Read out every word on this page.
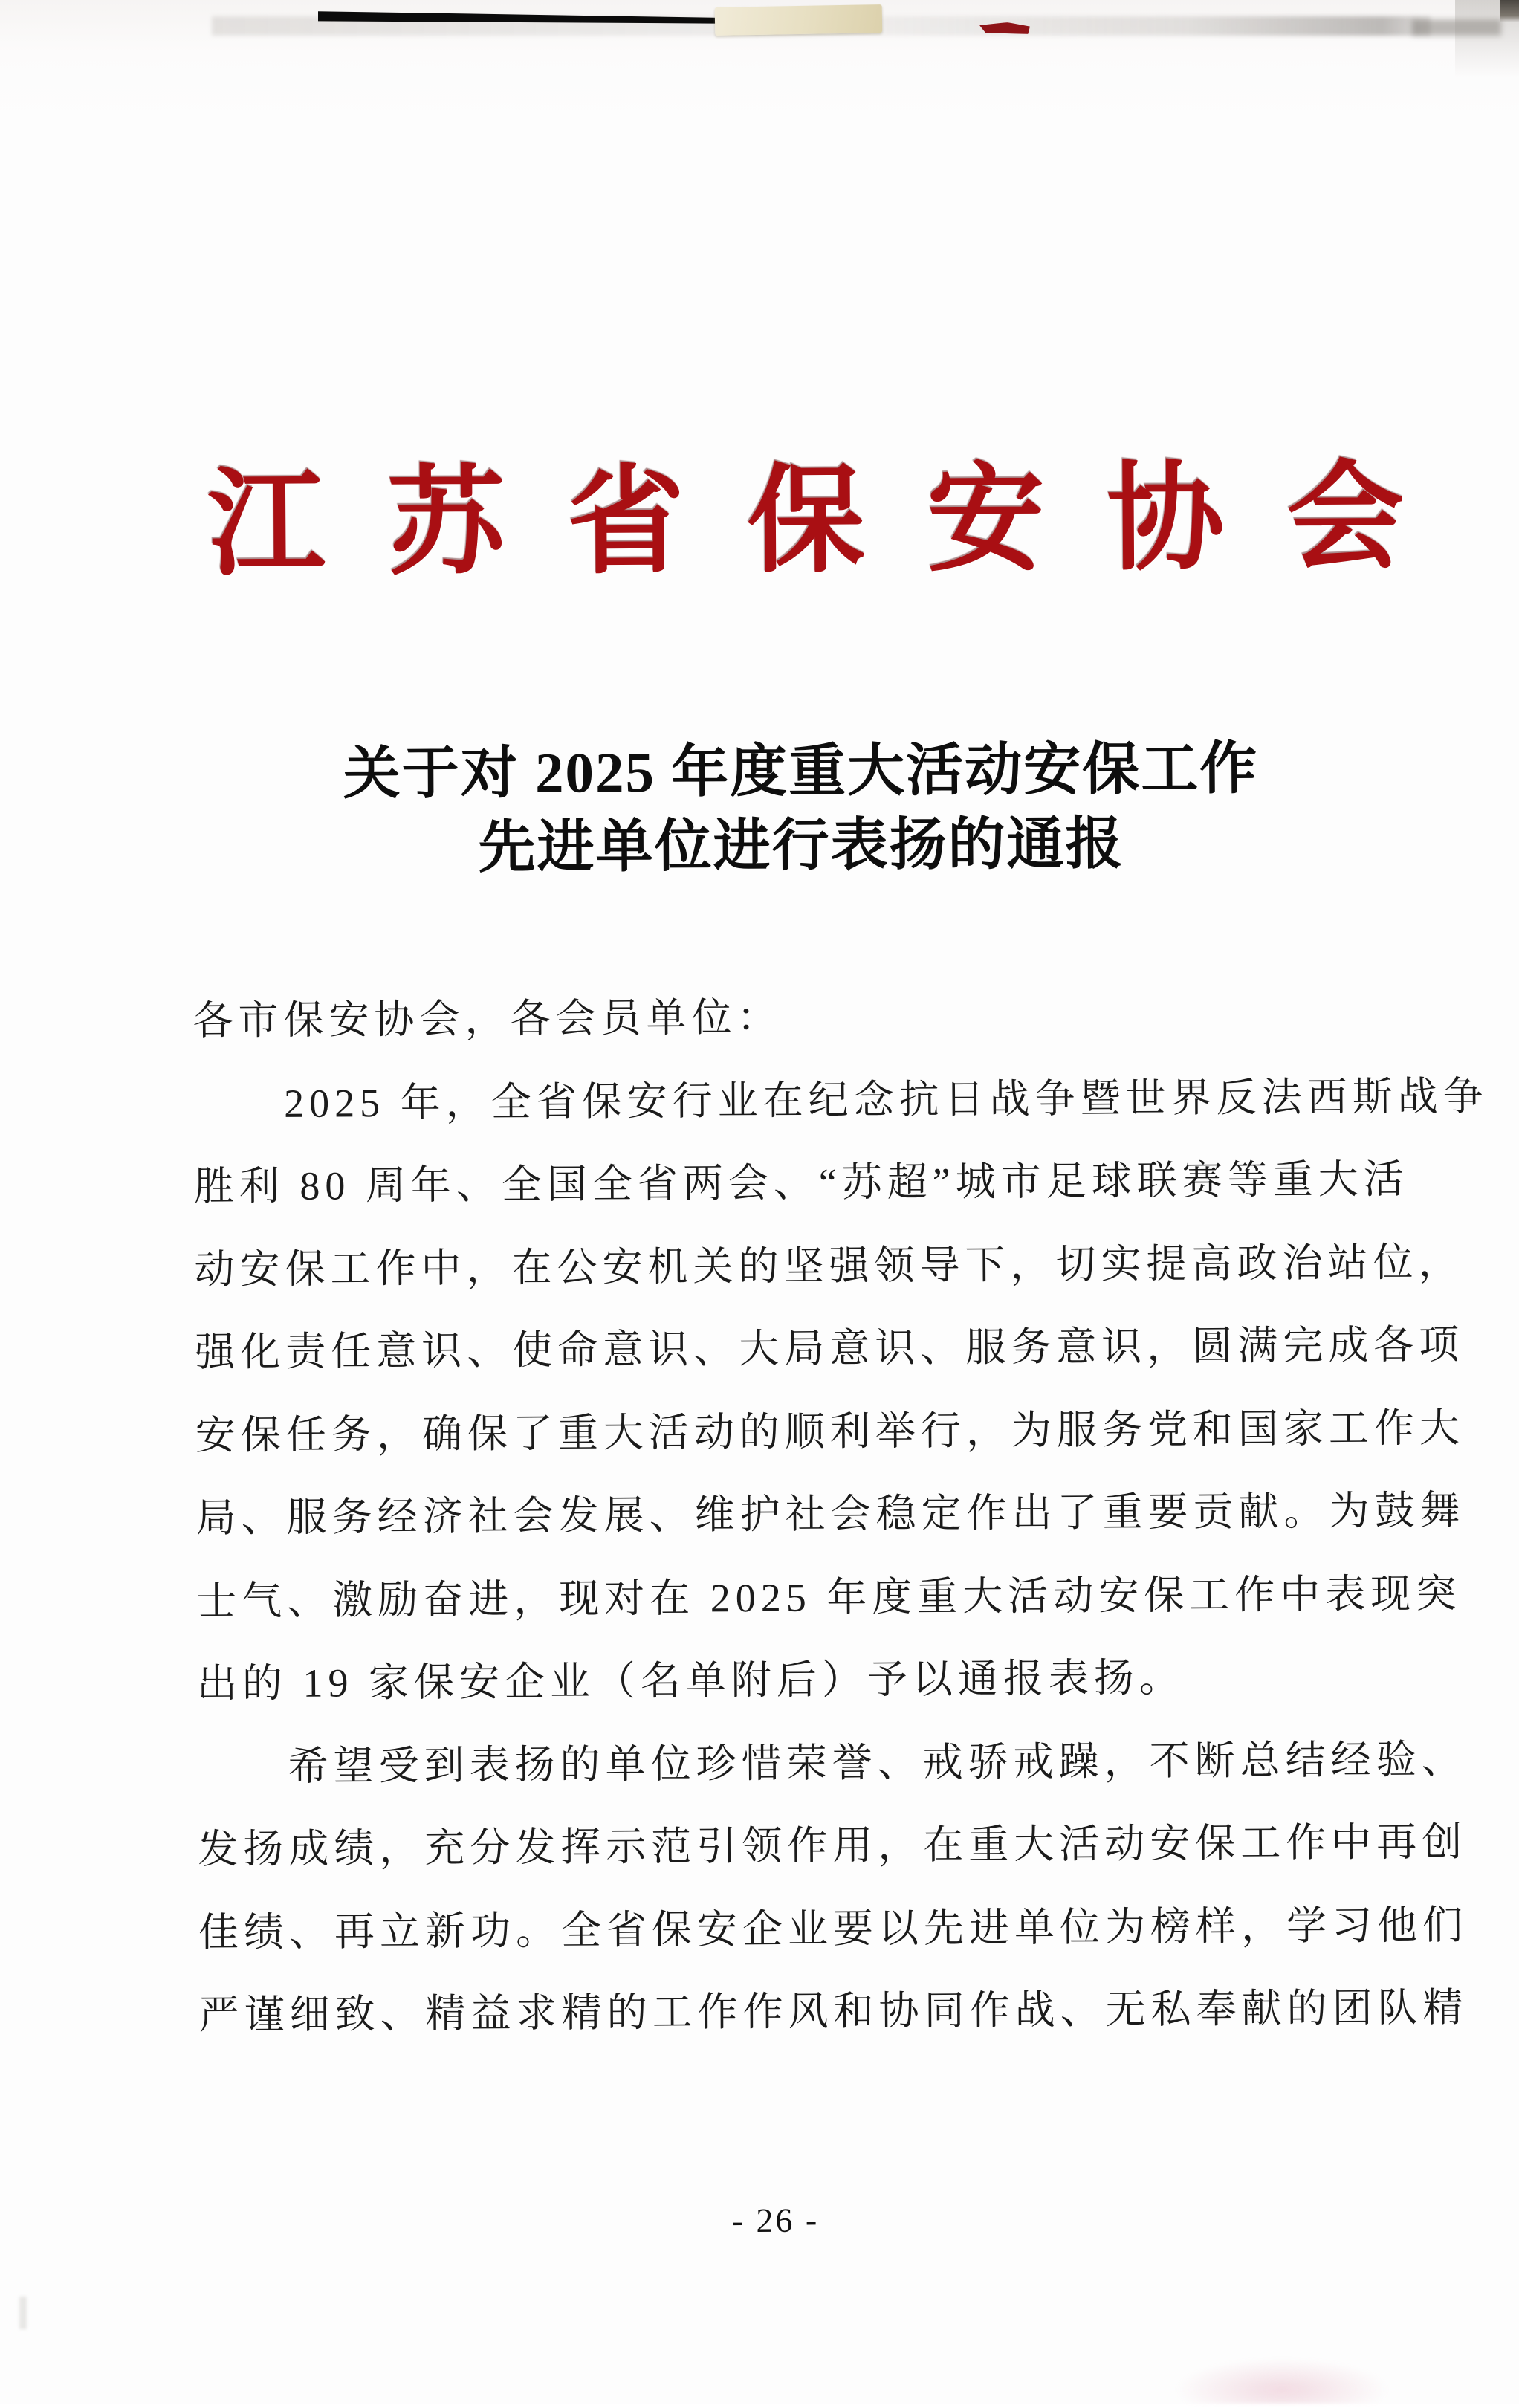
江苏省保安协会
关于对 2025 年度重大活动安保工作
先进单位进行表扬的通报
各市保安协会，各会员单位：
2025 年，全省保安行业在纪念抗日战争暨世界反法西斯战争
胜利 80 周年、全国全省两会、“苏超”城市足球联赛等重大活
动安保工作中，在公安机关的坚强领导下，切实提高政治站位，
强化责任意识、使命意识、大局意识、服务意识，圆满完成各项
安保任务，确保了重大活动的顺利举行，为服务党和国家工作大
局、服务经济社会发展、维护社会稳定作出了重要贡献。为鼓舞
士气、激励奋进，现对在 2025 年度重大活动安保工作中表现突
出的 19 家保安企业（名单附后）予以通报表扬。
希望受到表扬的单位珍惜荣誉、戒骄戒躁，不断总结经验、
发扬成绩，充分发挥示范引领作用，在重大活动安保工作中再创
佳绩、再立新功。全省保安企业要以先进单位为榜样，学习他们
严谨细致、精益求精的工作作风和协同作战、无私奉献的团队精
- 26 -
